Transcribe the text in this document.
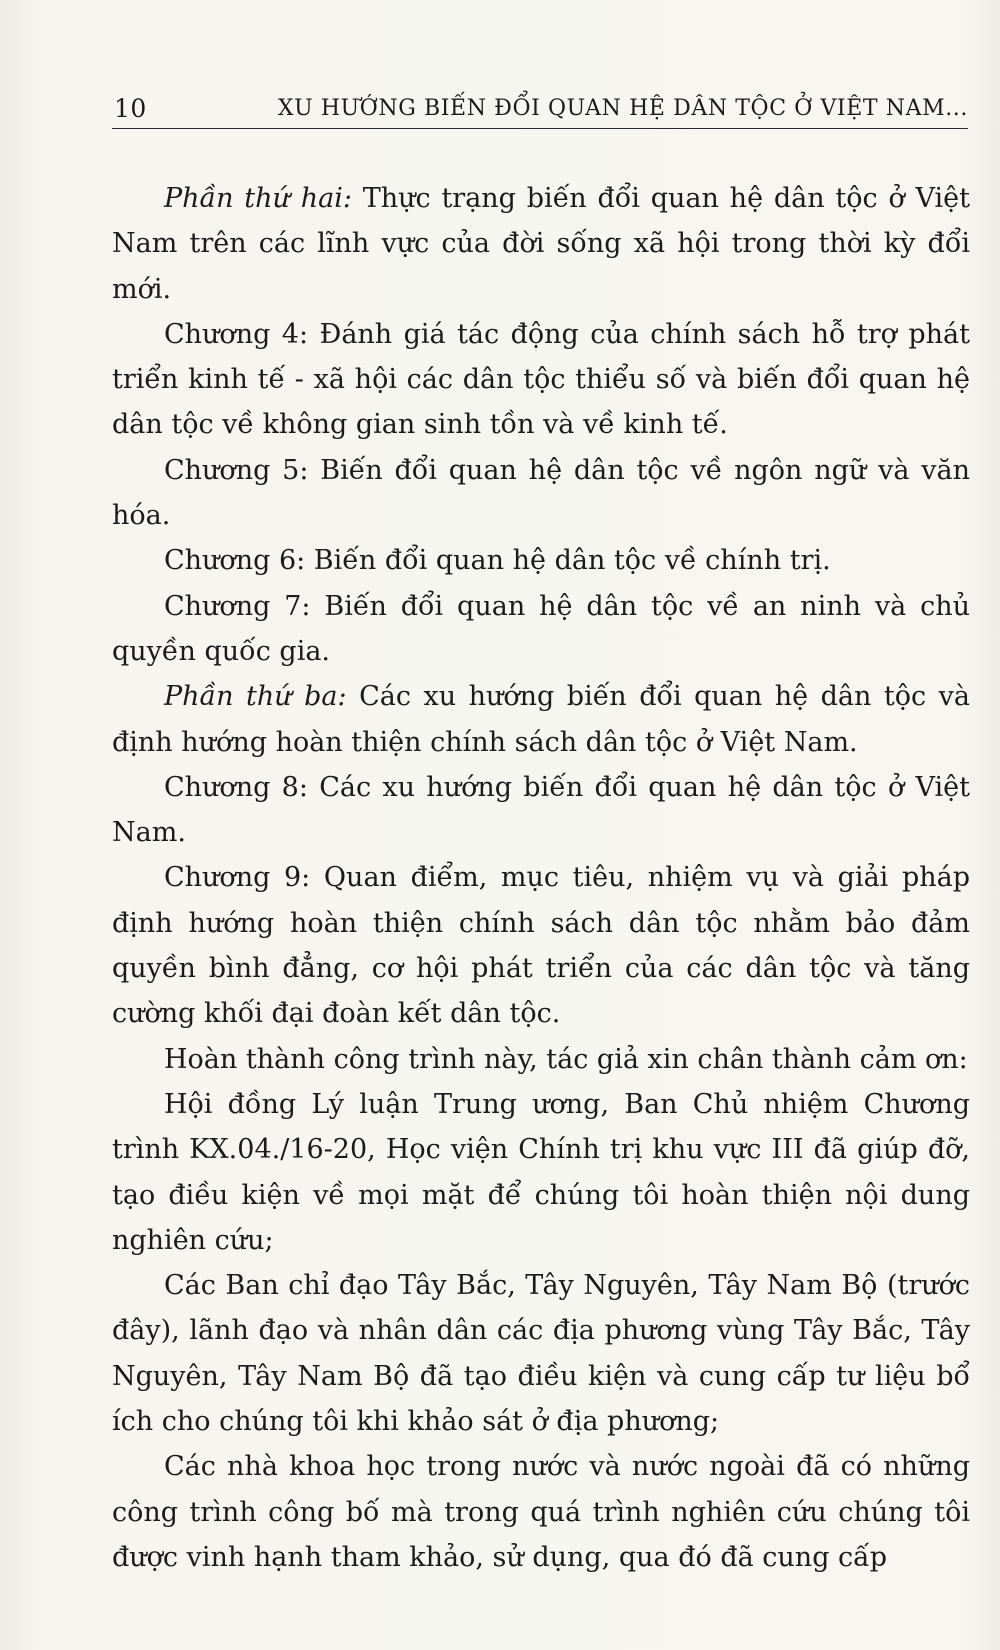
10	XU HƯỚNG BIẾN ĐỔI QUAN HỆ DÂN TỘC Ở VIỆT NAM...

Phần thứ hai: Thực trạng biến đổi quan hệ dân tộc ở Việt Nam trên các lĩnh vực của đời sống xã hội trong thời kỳ đổi mới.

Chương 4: Đánh giá tác động của chính sách hỗ trợ phát triển kinh tế - xã hội các dân tộc thiểu số và biến đổi quan hệ dân tộc về không gian sinh tồn và về kinh tế.

Chương 5: Biến đổi quan hệ dân tộc về ngôn ngữ và văn hóa.

Chương 6: Biến đổi quan hệ dân tộc về chính trị.

Chương 7: Biến đổi quan hệ dân tộc về an ninh và chủ quyền quốc gia.

Phần thứ ba: Các xu hướng biến đổi quan hệ dân tộc và định hướng hoàn thiện chính sách dân tộc ở Việt Nam.

Chương 8: Các xu hướng biến đổi quan hệ dân tộc ở Việt Nam.

Chương 9: Quan điểm, mục tiêu, nhiệm vụ và giải pháp định hướng hoàn thiện chính sách dân tộc nhằm bảo đảm quyền bình đẳng, cơ hội phát triển của các dân tộc và tăng cường khối đại đoàn kết dân tộc.

Hoàn thành công trình này, tác giả xin chân thành cảm ơn:

Hội đồng Lý luận Trung ương, Ban Chủ nhiệm Chương trình KX.04./16-20, Học viện Chính trị khu vực III đã giúp đỡ, tạo điều kiện về mọi mặt để chúng tôi hoàn thiện nội dung nghiên cứu;

Các Ban chỉ đạo Tây Bắc, Tây Nguyên, Tây Nam Bộ (trước đây), lãnh đạo và nhân dân các địa phương vùng Tây Bắc, Tây Nguyên, Tây Nam Bộ đã tạo điều kiện và cung cấp tư liệu bổ ích cho chúng tôi khi khảo sát ở địa phương;

Các nhà khoa học trong nước và nước ngoài đã có những công trình công bố mà trong quá trình nghiên cứu chúng tôi được vinh hạnh tham khảo, sử dụng, qua đó đã cung cấp
